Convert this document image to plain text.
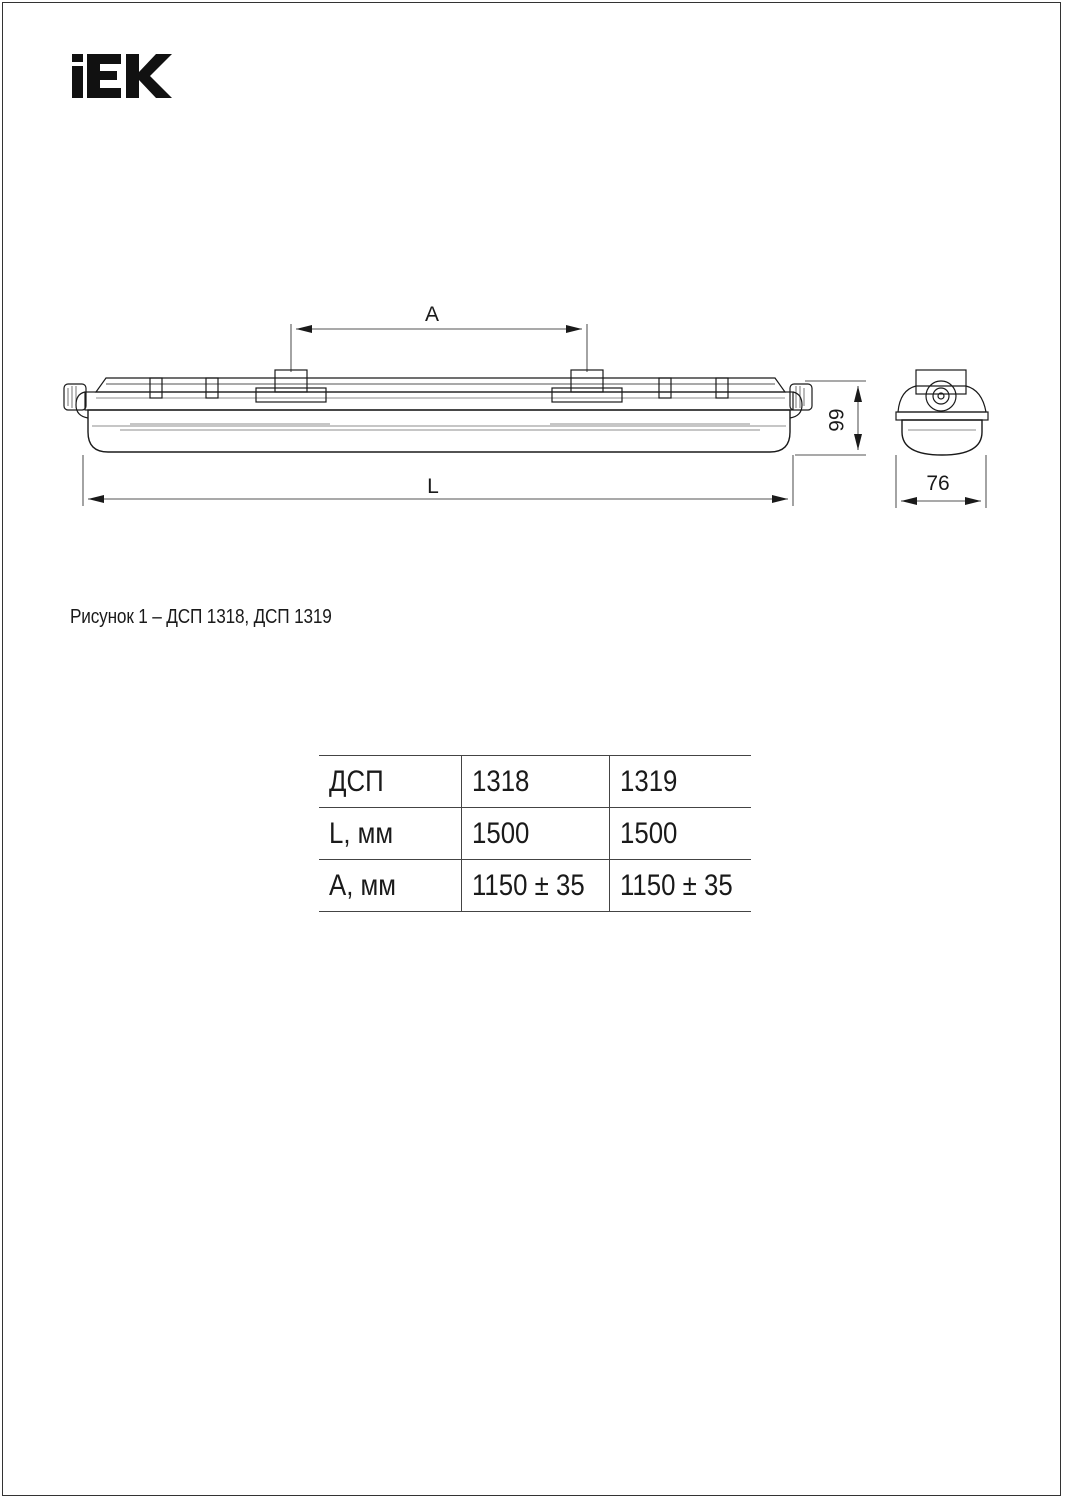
A
L
66
76
Рисунок 1 – ДСП 1318, ДСП 1319
ДСП	1318	1319
L, мм	1500	1500
A, мм	1150 ± 35	1150 ± 35
